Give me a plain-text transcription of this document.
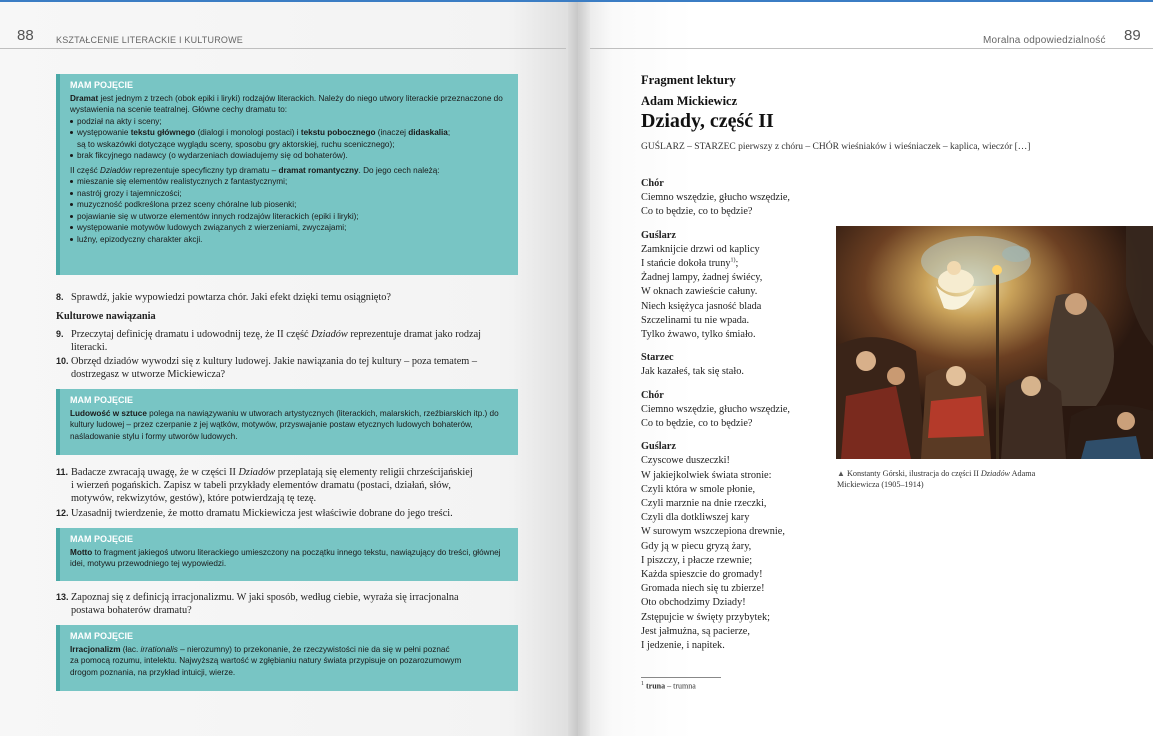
88 KSZTAŁCENIE LITERACKIE I KULTUROWE
MAM POJĘCIE

Dramat jest jednym z trzech (obok epiki i liryki) rodzajów literackich. Należy do niego utwory literackie przeznaczone do wystawienia na scenie teatralnej. Główne cechy dramatu to:

podział na akty i sceny;
występowanie tekstu głównego (dialogi i monologi postaci) i tekstu pobocznego (inaczej didaskalia;
są to wskazówki dotyczące wyglądu sceny, sposobu gry aktorskiej, ruchu scenicznego);
brak fikcyjnego nadawcy (o wydarzeniach dowiadujemy się od bohaterów).

II część Dziadów reprezentuje specyficzny typ dramatu – dramat romantyczny. Do jego cech należą:

mieszanie się elementów realistycznych z fantastycznymi;
nastrój grozy i tajemniczości;
muzyczność podkreślona przez sceny chóralne lub piosenki;
pojawianie się w utworze elementów innych rodzajów literackich (epiki i liryki);
występowanie motywów ludowych związanych z wierzeniami, zwyczajami;
luźny, epizodyczny charakter akcji.
8. Sprawdź, jakie wypowiedzi powtarza chór. Jaki efekt dzięki temu osiągnięto?
Kulturowe nawiązania
9. Przeczytaj definicję dramatu i udowodnij tezę, że II część Dziadów reprezentuje dramat jako rodzaj
literacki.
10. Obrzęd dziadów wywodzi się z kultury ludowej. Jakie nawiązania do tej kultury – poza tematem –
dostrzegasz w utworze Mickiewicza?
MAM POJĘCIE

Ludowość w sztuce polega na nawiązywaniu w utworach artystycznych (literackich, malarskich, rzeźbiarskich itp.) do kultury ludowej – przez czerpanie z jej wątków, motywów, przyswajanie postaw etycznych ludowych bohaterów, naśladowanie stylu i formy utworów ludowych.

11. Badacze zwracają uwagę, że w części II Dziadów przeplatają się elementy religii chrześcijańskiej
i wierzeń pogańskich. Zapisz w tabeli przykłady elementów dramatu (postaci, działań, słów,
motywów, rekwizytów, gestów), które potwierdzają tę tezę.
12. Uzasadnij twierdzenie, że motto dramatu Mickiewicza jest właściwie dobrane do jego treści.
MAM POJĘCIE

Motto to fragment jakiegoś utworu literackiego umieszczony na początku innego tekstu, nawiązujący do treści, głównej idei, motywu przewodniego tej wypowiedzi.

13. Zapoznaj się z definicją irracjonalizmu. W jaki sposób, według ciebie, wyraża się irracjonalna
postawa bohaterów dramatu?
MAM POJĘCIE

Irracjonalizm (łac. irrationalis – nierozumny) to przekonanie, że rzeczywistości nie da się w pełni poznać
za pomocą rozumu, intelektu. Najwyższą wartość w zgłębianiu natury świata przypisuje on pozarozumowym
drogom poznania, na przykład intuicji, wierze.

Moralna odpowiedzialność 89
Fragment lektury
Adam Mickiewicz
Dziady, część II
GUŚLARZ – STARZEC pierwszy z chóru – CHÓR wieśniaków i wieśniaczek – kaplica, wieczór […]
Chór
Ciemno wszędzie, głucho wszędzie,
Co to będzie, co to będzie?
Guślarz
Zamknijcie drzwi od kaplicy
I stańcie dokoła truny$^{1)}$;
Żadnej lampy, żadnej świécy,
W oknach zawieście całuny.
Niech księżyca jasność blada
Szczelinami tu nie wpada.
Tylko żwawo, tylko śmiało.
Starzec
Jak kazałeś, tak się stało.
Chór
Ciemno wszędzie, głucho wszędzie,
Co to będzie, co to będzie?
Guślarz
Czyscowe duszeczki!
W jakiejkolwiek świata stronie:
Czyli która w smole płonie,
Czyli marznie na dnie rzeczki,
Czyli dla dotkliwszej kary
W surowym wszczepiona drewnie,
Gdy ją w piecu gryzą żary,
I piszczy, i płacze rzewnie;
Każda spieszcie do gromady!
Gromada niech się tu zbierze!
Oto obchodzimy Dziady!
Zstępujcie w święty przybytek;
Jest jałmużna, są pacierze,
I jedzenie, i napitek.
▲ Konstanty Górski, ilustracja do części II Dziadów Adama
Mickiewicza (1905–1914)
$^1$ truna – trumna
